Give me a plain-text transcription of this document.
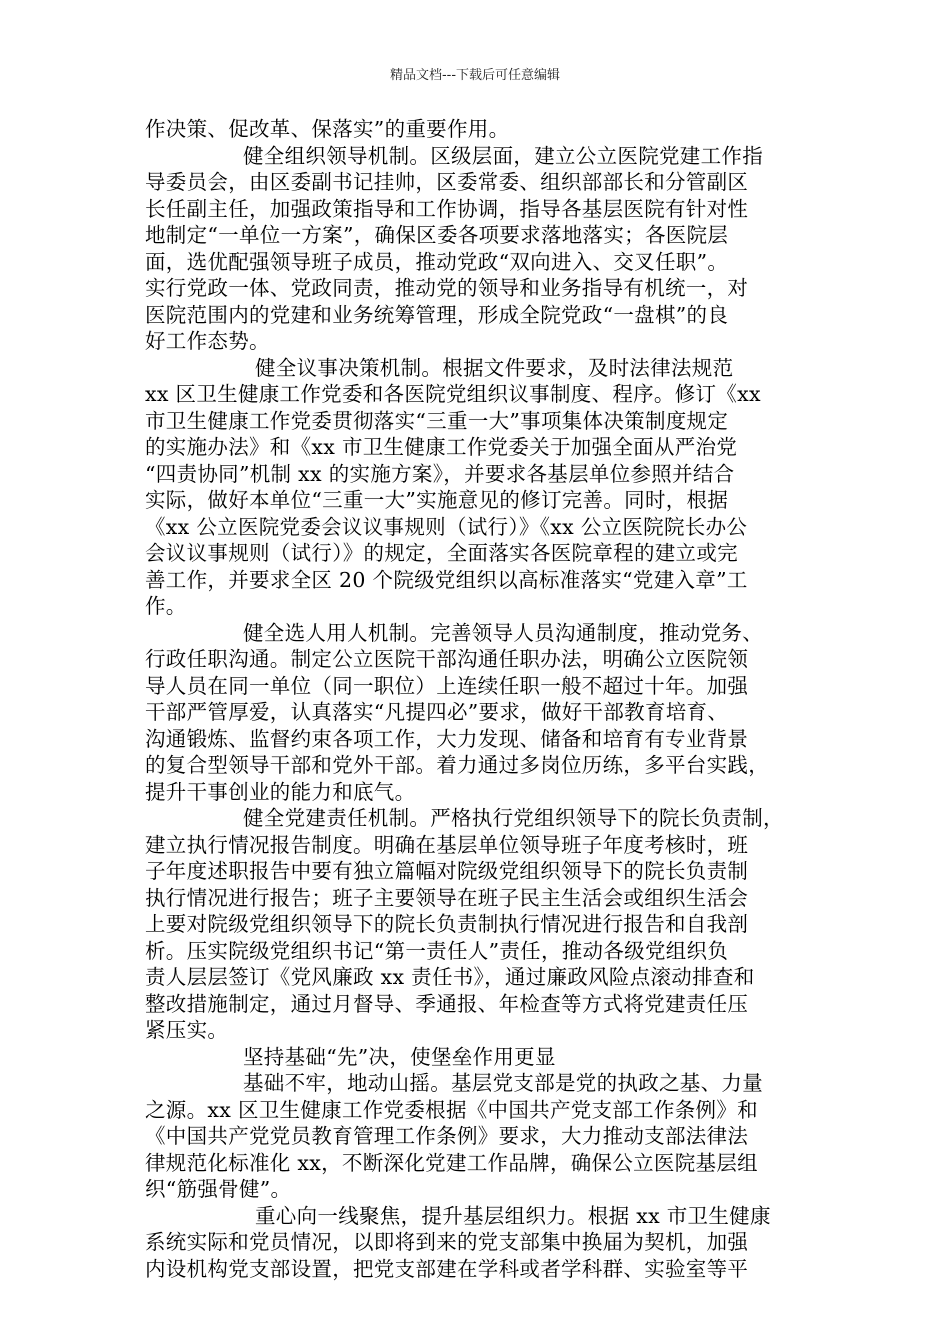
精品文档---下载后可任意编辑
作决策、促改革、保落实”的重要作用。
健全组织领导机制。区级层面，建立公立医院党建工作指
导委员会，由区委副书记挂帅，区委常委、组织部部长和分管副区
长任副主任，加强政策指导和工作协调，指导各基层医院有针对性
地制定“一单位一方案”，确保区委各项要求落地落实；各医院层
面，选优配强领导班子成员，推动党政“双向进入、交叉任职”。
实行党政一体、党政同责，推动党的领导和业务指导有机统一，对
医院范围内的党建和业务统筹管理，形成全院党政“一盘棋”的良
好工作态势。
健全议事决策机制。根据文件要求，及时法律法规范
xx 区卫生健康工作党委和各医院党组织议事制度、程序。修订《xx
市卫生健康工作党委贯彻落实“三重一大”事项集体决策制度规定
的实施办法》和《xx 市卫生健康工作党委关于加强全面从严治党
“四责协同”机制 xx 的实施方案》，并要求各基层单位参照并结合
实际，做好本单位“三重一大”实施意见的修订完善。同时，根据
《xx 公立医院党委会议议事规则（试行）》《xx 公立医院院长办公
会议议事规则（试行）》的规定，全面落实各医院章程的建立或完
善工作，并要求全区 20 个院级党组织以高标准落实“党建入章”工
作。
健全选人用人机制。完善领导人员沟通制度，推动党务、
行政任职沟通。制定公立医院干部沟通任职办法，明确公立医院领
导人员在同一单位（同一职位）上连续任职一般不超过十年。加强
干部严管厚爱，认真落实“凡提四必”要求，做好干部教育培育、
沟通锻炼、监督约束各项工作，大力发现、储备和培育有专业背景
的复合型领导干部和党外干部。着力通过多岗位历练，多平台实践，
提升干事创业的能力和底气。
健全党建责任机制。严格执行党组织领导下的院长负责制，
建立执行情况报告制度。明确在基层单位领导班子年度考核时，班
子年度述职报告中要有独立篇幅对院级党组织领导下的院长负责制
执行情况进行报告；班子主要领导在班子民主生活会或组织生活会
上要对院级党组织领导下的院长负责制执行情况进行报告和自我剖
析。压实院级党组织书记“第一责任人”责任，推动各级党组织负
责人层层签订《党风廉政 xx 责任书》，通过廉政风险点滚动排查和
整改措施制定，通过月督导、季通报、年检查等方式将党建责任压
紧压实。
坚持基础“先”决，使堡垒作用更显
基础不牢，地动山摇。基层党支部是党的执政之基、力量
之源。xx 区卫生健康工作党委根据《中国共产党支部工作条例》和
《中国共产党党员教育管理工作条例》要求，大力推动支部法律法
律规范化标准化 xx，不断深化党建工作品牌，确保公立医院基层组
织“筋强骨健”。
重心向一线聚焦，提升基层组织力。根据 xx 市卫生健康
系统实际和党员情况，以即将到来的党支部集中换届为契机，加强
内设机构党支部设置，把党支部建在学科或者学科群、实验室等平
